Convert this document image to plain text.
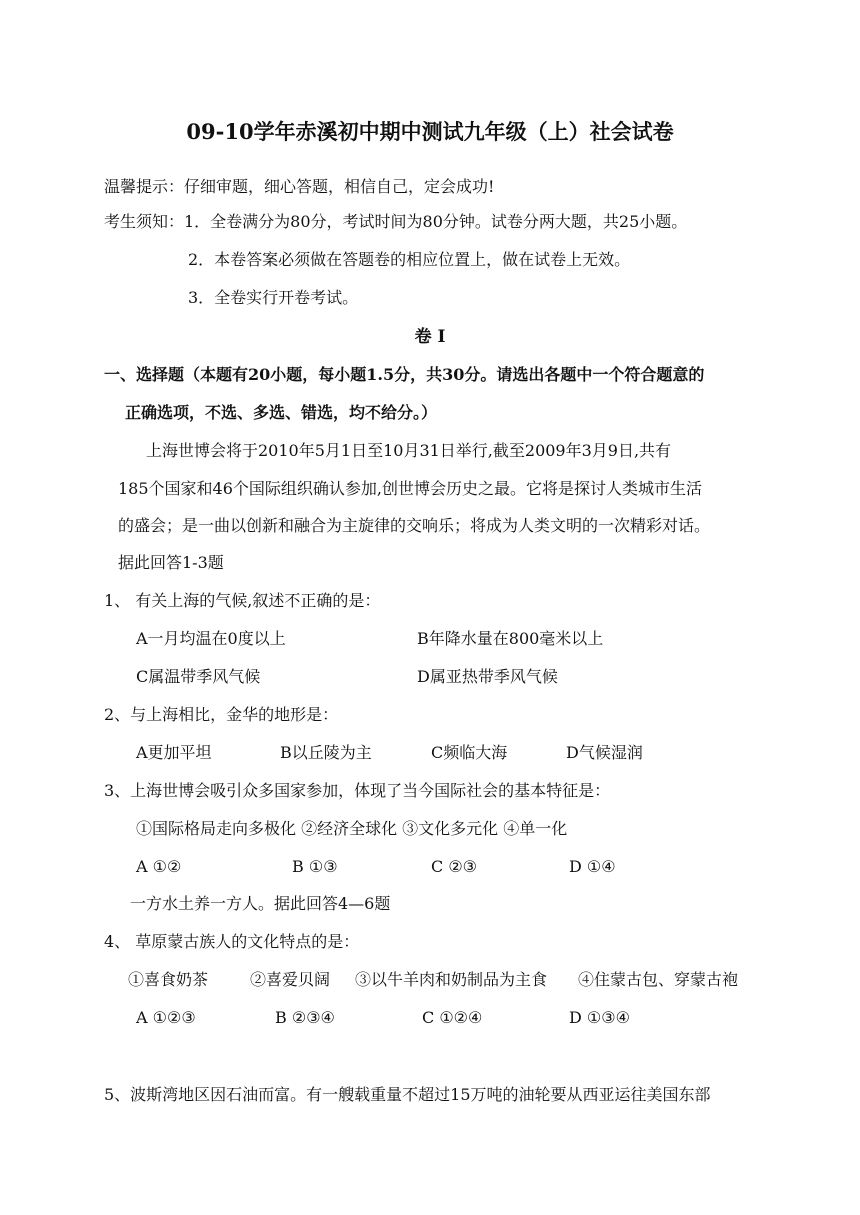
09-10学年赤溪初中期中测试九年级（上）社会试卷
温馨提示：仔细审题，细心答题，相信自己，定会成功!
考生须知：1．全卷满分为80分，考试时间为80分钟。试卷分两大题，共25小题。
2．本卷答案必须做在答题卷的相应位置上，做在试卷上无效。
3．全卷实行开卷考试。
卷 Ⅰ
一、选择题（本题有20小题，每小题1.5分，共30分。请选出各题中一个符合题意的
正确选项，不选、多选、错选，均不给分。）
上海世博会将于2010年5月1日至10月31日举行,截至2009年3月9日,共有
185个国家和46个国际组织确认参加,创世博会历史之最。它将是探讨人类城市生活
的盛会；是一曲以创新和融合为主旋律的交响乐；将成为人类文明的一次精彩对话。
据此回答1-3题
1、 有关上海的气候,叙述不正确的是：
A一月均温在0度以上	B年降水量在800毫米以上
C属温带季风气候	D属亚热带季风气候
2、与上海相比，金华的地形是：
A更加平坦	B以丘陵为主	C频临大海	D气候湿润
3、上海世博会吸引众多国家参加，体现了当今国际社会的基本特征是：
①国际格局走向多极化 ②经济全球化 ③文化多元化 ④单一化
A ①②	B ①③	C ②③	D ①④
一方水土养一方人。据此回答4—6题
4、 草原蒙古族人的文化特点的是：
①喜食奶茶	②喜爱贝阔 ③以牛羊肉和奶制品为主食 ④住蒙古包、穿蒙古袍
A ①②③	B ②③④	C ①②④	D ①③④
5、波斯湾地区因石油而富。有一艘载重量不超过15万吨的油轮要从西亚运往美国东部
